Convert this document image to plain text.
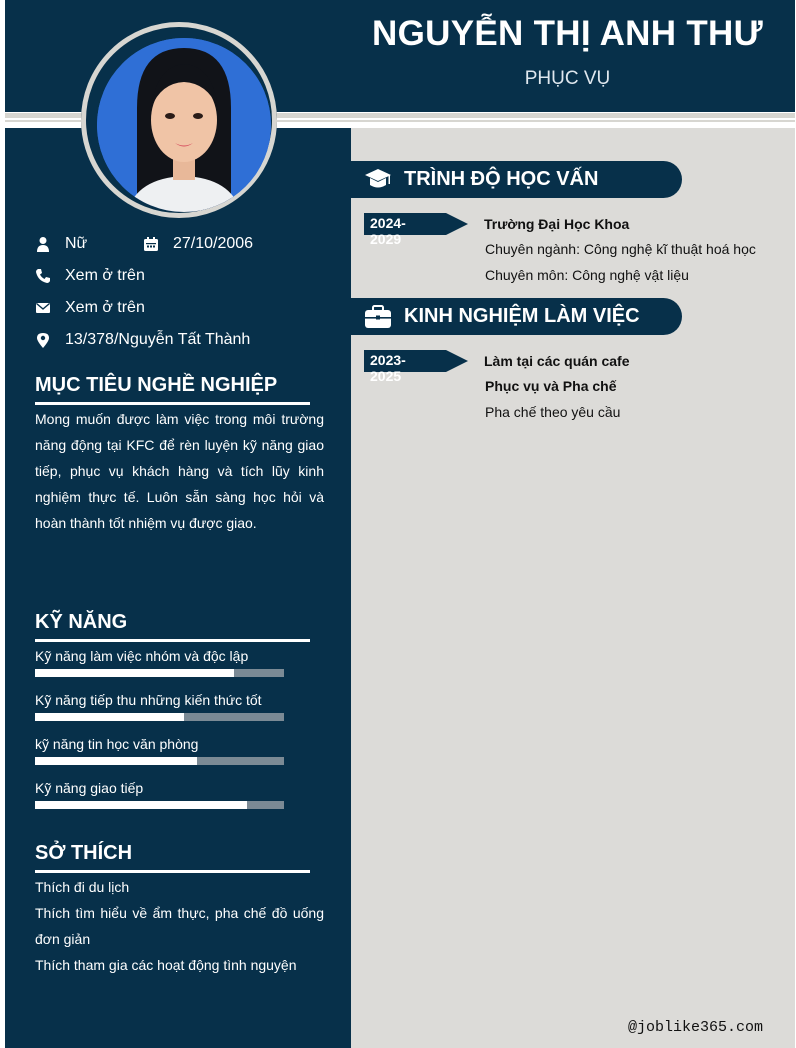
NGUYỄN THỊ ANH THƯ
PHỤC VỤ
Nữ	27/10/2006
Xem ở trên
Xem ở trên
13/378/Nguyễn Tất Thành
MỤC TIÊU NGHỀ NGHIỆP
Mong muốn được làm việc trong môi trường năng động tại KFC để rèn luyện kỹ năng giao tiếp, phục vụ khách hàng và tích lũy kinh nghiệm thực tế. Luôn sẵn sàng học hỏi và hoàn thành tốt nhiệm vụ được giao.
KỸ NĂNG
Kỹ năng làm việc nhóm và độc lập
Kỹ năng tiếp thu những kiến thức tốt
kỹ năng tin học văn phòng
Kỹ năng giao tiếp
SỞ THÍCH
Thích đi du lịch
Thích tìm hiểu về ẩm thực, pha chế đồ uống đơn giản
Thích tham gia các hoạt động tình nguyện
TRÌNH ĐỘ HỌC VẤN
2024-2029
Trường Đại Học Khoa
Chuyên ngành: Công nghệ kĩ thuật hoá học
Chuyên môn: Công nghệ vật liệu
KINH NGHIỆM LÀM VIỆC
2023-2025
Làm tại các quán cafe
Phục vụ và Pha chế
Pha chế theo yêu cầu
@joblike365.com
